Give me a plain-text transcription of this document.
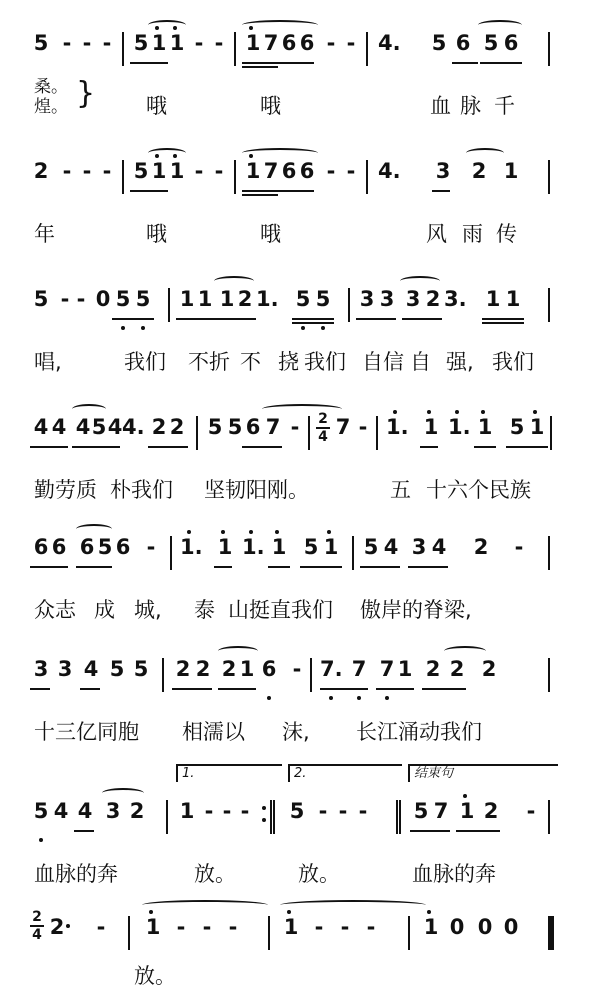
5 - - -	5 1 1 - -	1 7 6 6 - -	4. 5 6 5 6
桑。
煌。 } 哦	哦	血 脉 千
2 - - -	5 1 1 - -	1 7 6 6 - -	4. 3 2 1
年	哦	哦	风 雨 传
5 - - 0 5 5 1 1 1 2 1. 5 5 3 3 3 2 3. 1 1
唱,	我们 不折 不 挠 我们 自信 自 强, 我们
4 4 4 5 4 4. 2 2 5 5 6 7 -	2
4 7 - 1. 1 1. 1 5 1
勤劳质 朴我们 坚韧阳刚。	五 十六个民族
6 6 6 5 6 -	1. 1 1. 1 5 1 5 4 3 4 2	-
众志 成 城, 泰 山挺直我们 傲岸的脊梁,
3 3 4 5 5 2 2 2 1 6 - 7. 7 7 1 2 2 2
十三亿同胞 相濡以 沫, 长江涌动我们
1.	2.	结束句
5 4 4 3 2 1 - - -	5 - - -	5 7 1 2	-
血脉的奔	放。	放。	血脉的奔
2
4 2	-	1 - - -	1 - - -	1 0 0 0
放。
